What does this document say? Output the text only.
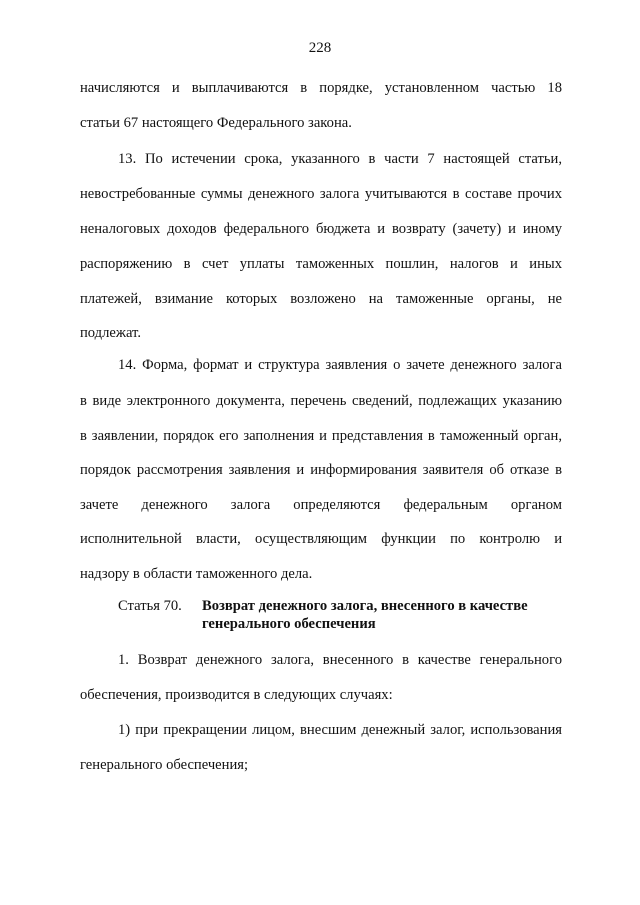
228
начисляются и выплачиваются в порядке, установленном частью 18
статьи 67 настоящего Федерального закона.
13. По истечении срока, указанного в части 7 настоящей статьи,
невостребованные суммы денежного залога учитываются в составе прочих
неналоговых доходов федерального бюджета и возврату (зачету) и иному
распоряжению в счет уплаты таможенных пошлин, налогов и иных
платежей, взимание которых возложено на таможенные органы, не
подлежат.
14. Форма, формат и структура заявления о зачете денежного залога
в виде электронного документа, перечень сведений, подлежащих указанию
в заявлении, порядок его заполнения и представления в таможенный орган,
порядок рассмотрения заявления и информирования заявителя об отказе в
зачете денежного залога определяются федеральным органом
исполнительной власти, осуществляющим функции по контролю и
надзору в области таможенного дела.
Статья 70. Возврат денежного залога, внесенного в качестве
генерального обеспечения
1. Возврат денежного залога, внесенного в качестве генерального
обеспечения, производится в следующих случаях:
1) при прекращении лицом, внесшим денежный залог, использования
генерального обеспечения;
